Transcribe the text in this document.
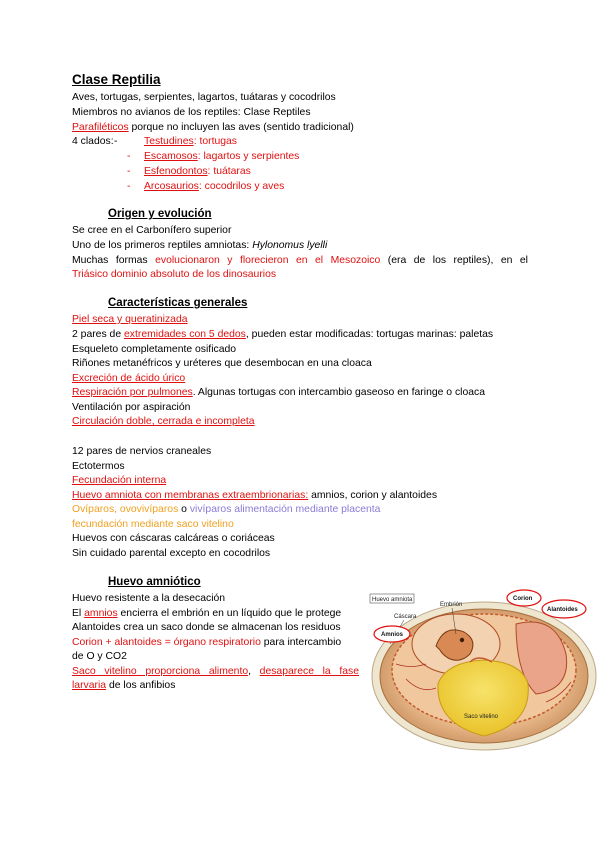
Clase Reptilia
Aves, tortugas, serpientes, lagartos, tuátaras y cocodrilos
Miembros no avianos de los reptiles: Clase Reptiles
Parafiléticos porque no incluyen las aves (sentido tradicional)
4 clados: -
-
-
-
Testudines: tortugas
Escamosos: lagartos y serpientes
Esfenodontos: tuátaras
Arcosaurios: cocodrilos y aves
Origen y evolución
Se cree en el Carbonífero superior
Uno de los primeros reptiles amniotas: Hylonomus lyelli
Muchas formas evolucionaron y florecieron en el Mesozoico (era de los reptiles), en el
Triásico dominio absoluto de los dinosaurios
Características generales
Piel seca y queratinizada
2 pares de extremidades con 5 dedos, pueden estar modificadas: tortugas marinas: paletas
Esqueleto completamente osificado
Riñones metanéfricos y uréteres que desembocan en una cloaca
Excreción de ácido úrico
Respiración por pulmones. Algunas tortugas con intercambio gaseoso en faringe o cloaca
Ventilación por aspiración
Circulación doble, cerrada e incompleta
12 pares de nervios craneales
Ectotermos
Fecundación interna
Huevo amniota con membranas extraembrionarias: amnios, corion y alantoides
Ovíparos, ovovivíparos o vivíparos alimentación mediante placenta
fecundación mediante saco vitelino
Huevos con cáscaras calcáreas o coriáceas
Sin cuidado parental excepto en cocodrilos
Huevo amniótico
Huevo resistente a la desecación
El amnios encierra el embrión en un líquido que le protege
Alantoides crea un saco donde se almacenan los residuos
Corion + alantoides = órgano respiratorio para intercambio
de O y CO2
Saco vitelino proporciona alimento, desaparece la fase
larvaria de los anfibios
Huevo amniota
Embrión
Cáscara
Corion
Alantoides
Amnios
Saco vitelino
